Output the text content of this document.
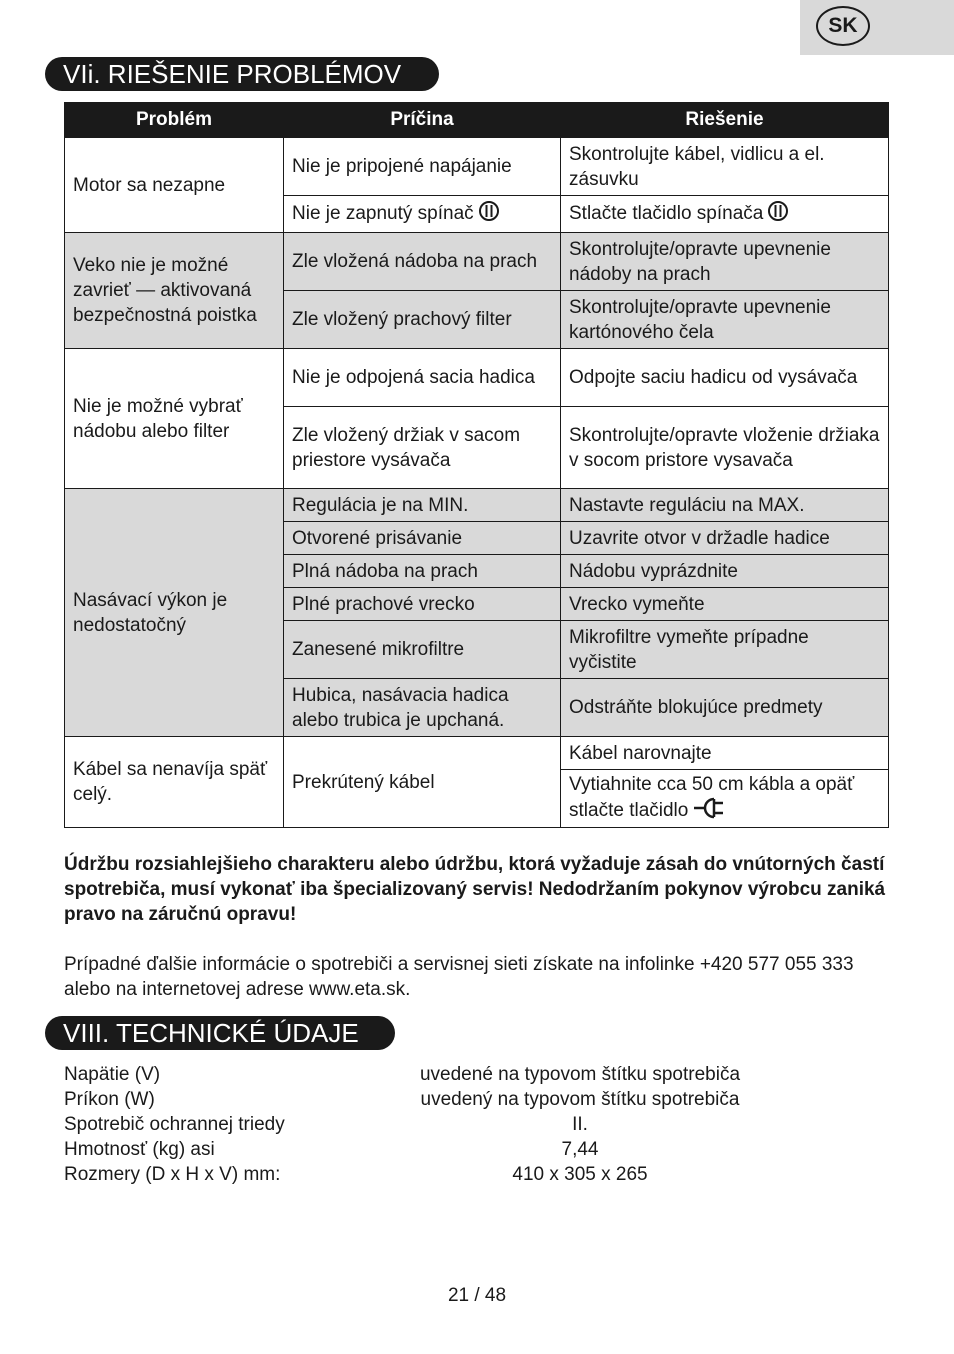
SK
VIi. RIEŠENIE PROBLÉMOV
Problém	Príčina	Riešenie
Motor sa nezapne	Nie je pripojené napájanie	Skontrolujte kábel, vidlicu a el. zásuvku
	Nie je zapnutý spínač	Stlačte tlačidlo spínača
Veko nie je možné zavrieť — aktivovaná bezpečnostná poistka	Zle vložená nádoba na prach	Skontrolujte/opravte upevnenie nádoby na prach
	Zle vložený prachový filter	Skontrolujte/opravte upevnenie kartónového čela
Nie je možné vybrať nádobu alebo filter	Nie je odpojená sacia hadica	Odpojte saciu hadicu od vysávača
	Zle vložený držiak v sacom priestore vysávača	Skontrolujte/opravte vloženie držiaka v socom pristore vysavača
Nasávací výkon je nedostatočný	Regulácia je na MIN.	Nastavte reguláciu na MAX.
	Otvorené prisávanie	Uzavrite otvor v držadle hadice
	Plná nádoba na prach	Nádobu vyprázdnite
	Plné prachové vrecko	Vrecko vymeňte
	Zanesené mikrofiltre	Mikrofiltre vymeňte prípadne vyčistite
	Hubica, nasávacia hadica alebo trubica je upchaná.	Odstráňte blokujúce predmety
Kábel sa nenavíja späť celý.	Prekrútený kábel	Kábel narovnajte
		Vytiahnite cca 50 cm kábla a opäť stlačte tlačidlo
Údržbu rozsiahlejšieho charakteru alebo údržbu, ktorá vyžaduje zásah do vnútorných častí spotrebiča, musí vykonať iba špecializovaný servis! Nedodržaním pokynov výrobcu zaniká pravo na záručnú opravu!
Prípadné ďalšie informácie o spotrebiči a servisnej sieti získate na infolinke +420 577 055 333 alebo na internetovej adrese www.eta.sk.
VIII. TECHNICKÉ ÚDAJE
Napätie (V)	uvedené na typovom štítku spotrebiča
Príkon (W)	uvedený na typovom štítku spotrebiča
Spotrebič ochrannej triedy	II.
Hmotnosť (kg) asi	7,44
Rozmery (D x H x V) mm:	410 x 305 x 265
21 / 48
